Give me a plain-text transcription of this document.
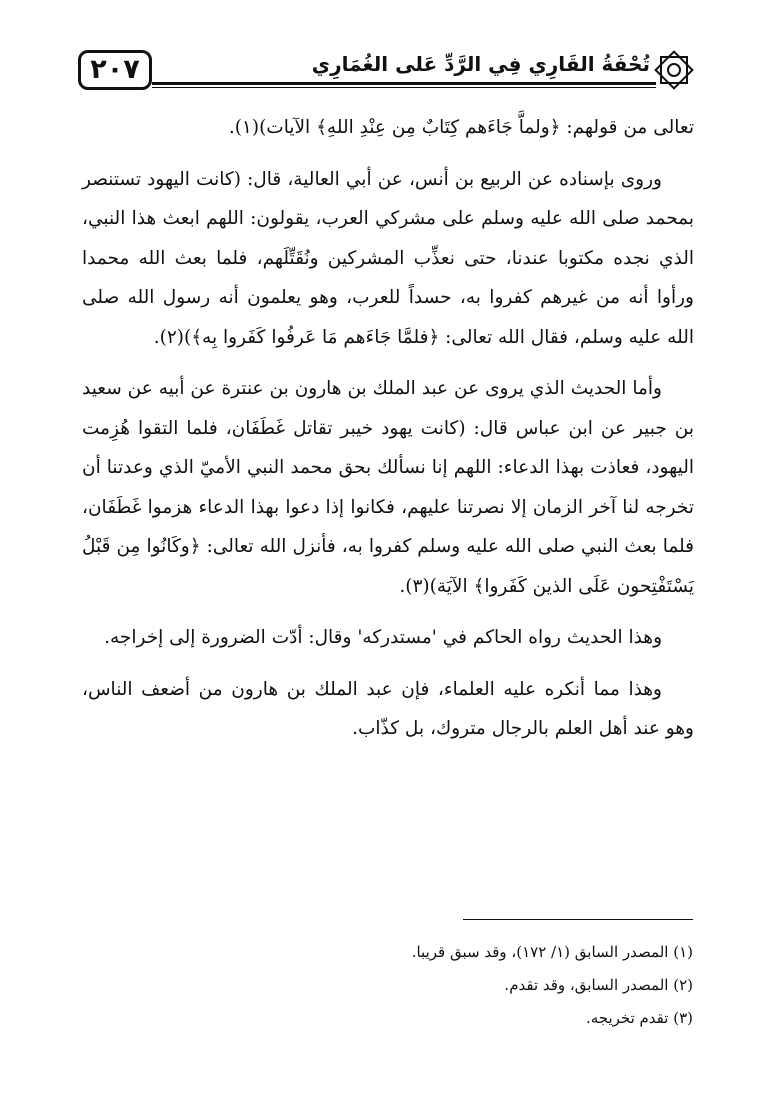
٢٠٧	تُحْفَةُ القَارِي فِي الرَّدِّ عَلى الغُمَارِي

تعالى من قولهم: ﴿ولماَّ جَاءَهم كِتَابٌ مِن عِنْدِ اللهِ﴾ الآيات)(١).

وروى بإسناده عن الربيع بن أنس، عن أبي العالية، قال: (كانت اليهود تستنصر بمحمد صلى الله عليه وسلم على مشركي العرب، يقولون: اللهم ابعث هذا النبي، الذي نجده مكتوبا عندنا، حتى نعذِّب المشركين ونُقَتِّلَهم، فلما بعث الله محمدا ورأوا أنه من غيرهم كفروا به، حسداً للعرب، وهو يعلمون أنه رسول الله صلى الله عليه وسلم، فقال الله تعالى: ﴿فلمَّا جَاءَهم مَا عَرفُوا كَفَروا بِه﴾)(٢).

وأما الحديث الذي يروى عن عبد الملك بن هارون بن عنترة عن أبيه عن سعيد بن جبير عن ابن عباس قال: (كانت يهود خيبر تقاتل غَطَفَان، فلما التقوا هُزِمت اليهود، فعاذت بهذا الدعاء: اللهم إنا نسألك بحق محمد النبي الأميّ الذي وعدتنا أن تخرجه لنا آخر الزمان إلا نصرتنا عليهم، فكانوا إذا دعوا بهذا الدعاء هزموا غَطَفَان، فلما بعث النبي صلى الله عليه وسلم كفروا به، فأنزل الله تعالى: ﴿وكَانُوا مِن قَبْلُ يَسْتَفْتِحون عَلَى الذين كَفَروا﴾ الآيَة)(٣).

وهذا الحديث رواه الحاكم في 'مستدركه' وقال: أدّت الضرورة إلى إخراجه.

وهذا مما أنكره عليه العلماء، فإن عبد الملك بن هارون من أضعف الناس، وهو عند أهل العلم بالرجال متروك، بل كذّاب.

(١) المصدر السابق (١/ ١٧٢)، وقد سبق قريبا.
(٢) المصدر السابق، وقد تقدم.
(٣) تقدم تخريجه.
